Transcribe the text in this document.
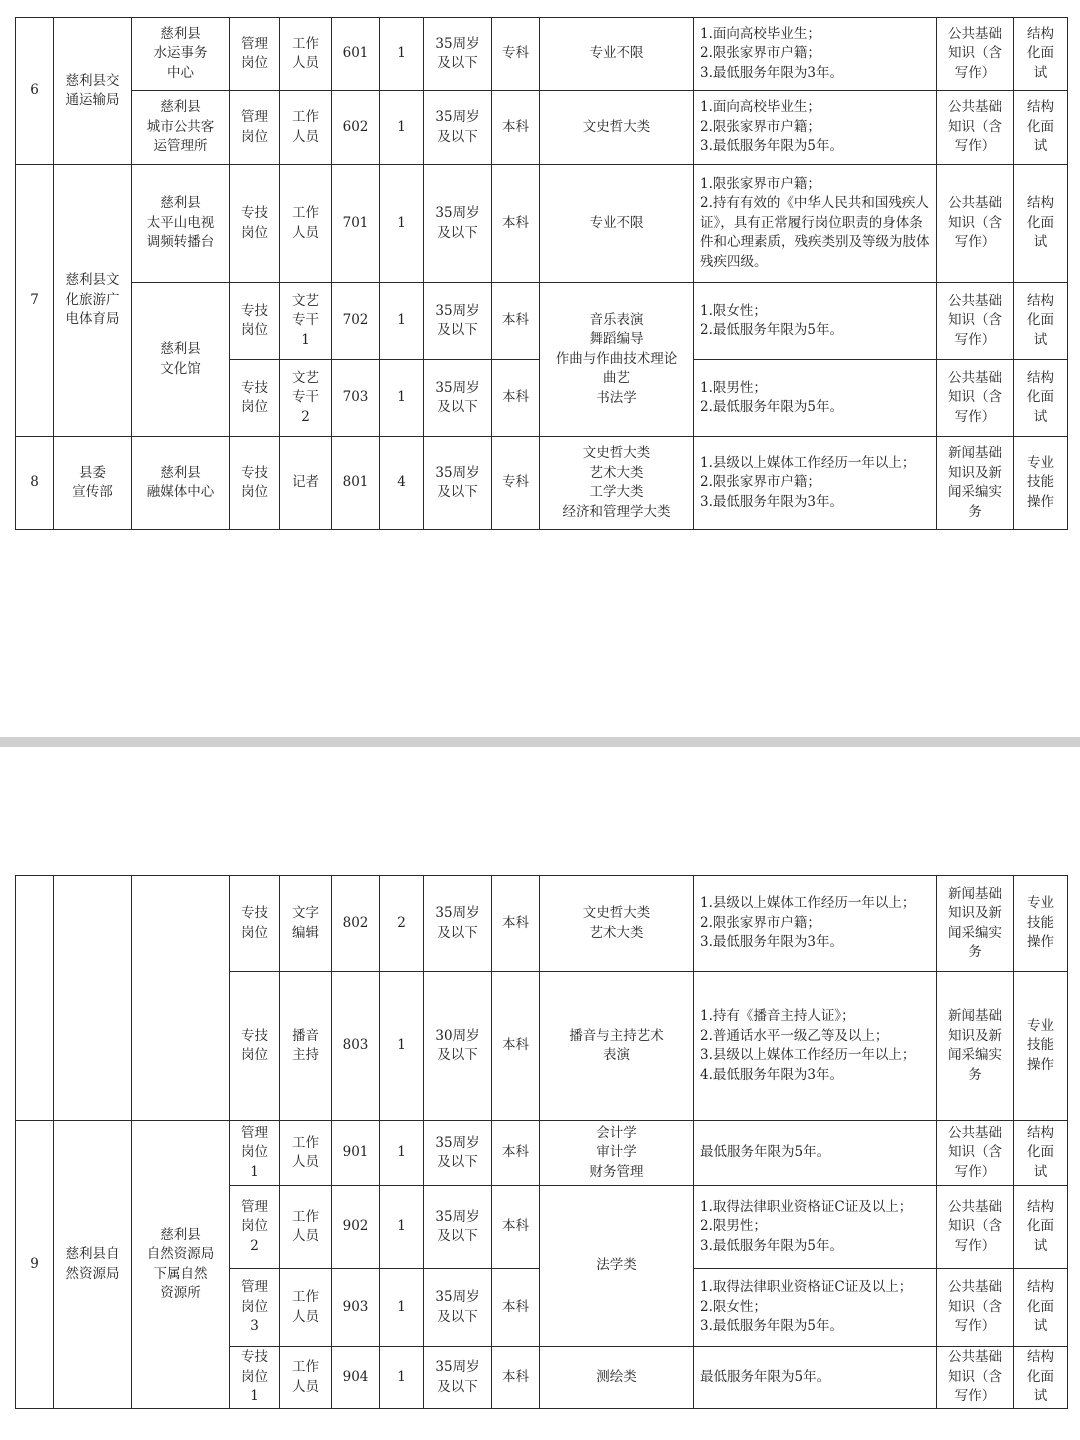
6	慈利县交
通运输局	慈利县
水运事务
中心	管理
岗位	工作
人员	601	1	35周岁
及以下	专科	专业不限	1.面向高校毕业生；
2.限张家界市户籍；
3.最低服务年限为3年。	公共基础
知识（含
写作）	结构
化面
试

		慈利县
城市公共客
运管理所	管理
岗位	工作
人员	602	1	35周岁
及以下	本科	文史哲大类	1.面向高校毕业生；
2.限张家界市户籍；
3.最低服务年限为5年。	公共基础
知识（含
写作）	结构
化面
试

7	慈利县文
化旅游广
电体育局	慈利县
太平山电视
调频转播台	专技
岗位	工作
人员	701	1	35周岁
及以下	本科	专业不限	1.限张家界市户籍；
2.持有有效的《中华人民共和国残疾人证》，具有正常履行岗位职责的身体条件和心理素质，残疾类别及等级为肢体残疾四级。	公共基础
知识（含
写作）	结构
化面
试

		慈利县
文化馆	专技
岗位	文艺
专干
1	702	1	35周岁
及以下	本科	音乐表演
舞蹈编导
作曲与作曲技术理论
曲艺
书法学	1.限女性；
2.最低服务年限为5年。	公共基础
知识（含
写作）	结构
化面
试

			专技
岗位	文艺
专干
2	703	1	35周岁
及以下	本科		1.限男性；
2.最低服务年限为5年。	公共基础
知识（含
写作）	结构
化面
试

8	县委
宣传部	慈利县
融媒体中心	专技
岗位	记者	801	4	35周岁
及以下	专科	文史哲大类
艺术大类
工学大类
经济和管理学大类	1.县级以上媒体工作经历一年以上；
2.限张家界市户籍；
3.最低服务年限为3年。	新闻基础
知识及新
闻采编实
务	专业
技能
操作

			专技
岗位	文字
编辑	802	2	35周岁
及以下	本科	文史哲大类
艺术大类	1.县级以上媒体工作经历一年以上；
2.限张家界市户籍；
3.最低服务年限为3年。	新闻基础
知识及新
闻采编实
务	专业
技能
操作

			专技
岗位	播音
主持	803	1	30周岁
及以下	本科	播音与主持艺术
表演	1.持有《播音主持人证》；
2.普通话水平一级乙等及以上；
3.县级以上媒体工作经历一年以上；
4.最低服务年限为3年。	新闻基础
知识及新
闻采编实
务	专业
技能
操作

9	慈利县自
然资源局	慈利县
自然资源局
下属自然
资源所	管理
岗位
1	工作
人员	901	1	35周岁
及以下	本科	会计学
审计学
财务管理	最低服务年限为5年。	公共基础
知识（含
写作）	结构
化面
试

			管理
岗位
2	工作
人员	902	1	35周岁
及以下	本科	法学类	1.取得法律职业资格证C证及以上；
2.限男性；
3.最低服务年限为5年。	公共基础
知识（含
写作）	结构
化面
试

			管理
岗位
3	工作
人员	903	1	35周岁
及以下	本科		1.取得法律职业资格证C证及以上；
2.限女性；
3.最低服务年限为5年。	公共基础
知识（含
写作）	结构
化面
试

			专技
岗位
1	工作
人员	904	1	35周岁
及以下	本科	测绘类	最低服务年限为5年。	公共基础
知识（含
写作）	结构
化面
试
